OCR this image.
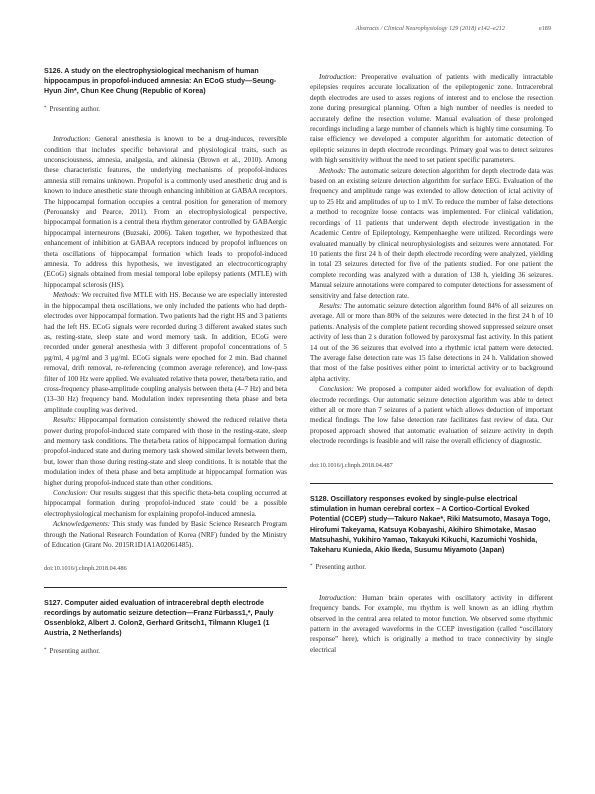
Abstracts / Clinical Neurophysiology 129 (2018) e142–e212	e189

S126. A study on the electrophysiological mechanism of human hippocampus in propofol-induced amnesia: An ECoG study—Seung-Hyun Jin*, Chun Kee Chung (Republic of Korea)

* Presenting author.

Introduction: General anesthesia is known to be a drug-induces, reversible condition that includes specific behavioral and physiological traits, such as unconsciousness, amnesia, analgesia, and akinesia (Brown et al., 2010). Among these characteristic features, the underlying mechanisms of propofol-induces amnesia still remains unknown. Propofol is a commonly used anesthetic drug and is known to induce anesthetic state through enhancing inhibition at GABAA receptors. The hippocampal formation occupies a central position for generation of memory (Perouansky and Pearce, 2011). From an electrophysiological perspective, hippocampal formation is a central theta rhythm generator controlled by GABAergic hippocampal interneurons (Buzsaki, 2006). Taken together, we hypothesized that enhancement of inhibition at GABAA receptors induced by propofol influences on theta oscillations of hippocampal formation which leads to propofol-induced amnesia. To address this hypothesis, we investigated an electrocorticography (ECoG) signals obtained from mesial temporal lobe epilepsy patients (MTLE) with hippocampal sclerosis (HS).

Methods: We recruited five MTLE with HS. Because we are especially interested in the hippocampal theta oscillations, we only included the patients who had depth-electrodes over hippocampal formation. Two patients had the right HS and 3 patients had the left HS. ECoG signals were recorded during 3 different awaked states such as, resting-state, sleep state and word memory task. In addition, ECoG were recorded under general anesthesia with 3 different propofol concentrations of 5 µg/ml, 4 µg/ml and 3 µg/ml. ECoG signals were epoched for 2 min. Bad channel removal, drift removal, re-referencing (common average reference), and low-pass filter of 100 Hz were applied. We evaluated relative theta power, theta/beta ratio, and cross-frequency phase-amplitude coupling analysis between theta (4–7 Hz) and beta (13–30 Hz) frequency band. Modulation index representing theta phase and beta amplitude coupling was derived.

Results: Hippocampal formation consistently showed the reduced relative theta power during propofol-induced state compared with those in the resting-state, sleep and memory task conditions. The theta/beta ratios of hippocampal formation during propofol-induced state and during memory task showed similar levels between them, but, lower than those during resting-state and sleep conditions. It is notable that the modulation index of theta phase and beta amplitude at hippocampal formation was higher during propofol-induced state than other conditions.

Conclusion: Our results suggest that this specific theta-beta coupling occurred at hippocampal formation during propofol-induced state could be a possible electrophysiological mechanism for explaining propofol-induced amnesia.

Acknowledgements: This study was funded by Basic Science Research Program through the National Research Foundation of Korea (NRF) funded by the Ministry of Education (Grant No. 2015R1D1A1A02061485).

doi:10.1016/j.clinph.2018.04.486

S127. Computer aided evaluation of intracerebral depth electrode recordings by automatic seizure detection—Franz Fürbass1,*, Pauly Ossenblok2, Albert J. Colon2, Gerhard Gritsch1, Tilmann Kluge1 (1 Austria, 2 Netherlands)

* Presenting author.

Introduction: Preoperative evaluation of patients with medically intractable epilepsies requires accurate localization of the epileptogenic zone. Intracerebral depth electrodes are used to asses regions of interest and to enclose the resection zone during presurgical planning. Often a high number of needles is needed to accurately define the resection volume. Manual evaluation of these prolonged recordings including a large number of channels which is highly time consuming. To raise efficiency we developed a computer algorithm for automatic detection of epileptic seizures in depth electrode recordings. Primary goal was to detect seizures with high sensitivity without the need to set patient specific parameters.

Methods: The automatic seizure detection algorithm for depth electrode data was based on an existing seizure detection algorithm for surface EEG. Evaluation of the frequency and amplitude range was extended to allow detection of ictal activity of up to 25 Hz and amplitudes of up to 1 mV. To reduce the number of false detections a method to recognize loose contacts was implemented. For clinical validation, recordings of 11 patients that underwent depth electrode investigation in the Academic Centre of Epileptology, Kempenhaeghe were utilized. Recordings were evaluated manually by clinical neurophysiologists and seizures were annotated. For 10 patients the first 24 h of their depth electrode recording were analyzed, yielding in total 23 seizures detected for five of the patients studied. For one patient the complete recording was analyzed with a duration of 138 h, yielding 36 seizures. Manual seizure annotations were compared to computer detections for assessment of sensitivity and false detection rate.

Results: The automatic seizure detection algorithm found 84% of all seizures on average. All or more than 80% of the seizures were detected in the first 24 h of 10 patients. Analysis of the complete patient recording showed suppressed seizure onset activity of less than 2 s duration followed by paroxysmal fast activity. In this patient 14 out of the 36 seizures that evolved into a rhythmic ictal pattern were detected. The average false detection rate was 15 false detections in 24 h. Validation showed that most of the false positives either point to interictal activity or to background alpha activity.

Conclusion: We proposed a computer aided workflow for evaluation of depth electrode recordings. Our automatic seizure detection algorithm was able to detect either all or more than 7 seizures of a patient which allows deduction of important medical findings. The low false detection rate facilitates fast review of data. Our proposed approach showed that automatic evaluation of seizure activity in depth electrode recordings is feasible and will raise the overall efficiency of diagnostic.

doi:10.1016/j.clinph.2018.04.487

S128. Oscillatory responses evoked by single-pulse electrical stimulation in human cerebral cortex – A Cortico-Cortical Evoked Potential (CCEP) study—Takuro Nakae*, Riki Matsumoto, Masaya Togo, Hirofumi Takeyama, Katsuya Kobayashi, Akihiro Shimotake, Masao Matsuhashi, Yukihiro Yamao, Takayuki Kikuchi, Kazumichi Yoshida, Takeharu Kunieda, Akio Ikeda, Susumu Miyamoto (Japan)

* Presenting author.

Introduction: Human brain operates with oscillatory activity in different frequency bands. For example, mu rhythm is well known as an idling rhythm observed in the central area related to motor function. We observed some rhythmic pattern in the averaged waveforms in the CCEP investigation (called “oscillatory response” here), which is originally a method to trace connectivity by single electrical
